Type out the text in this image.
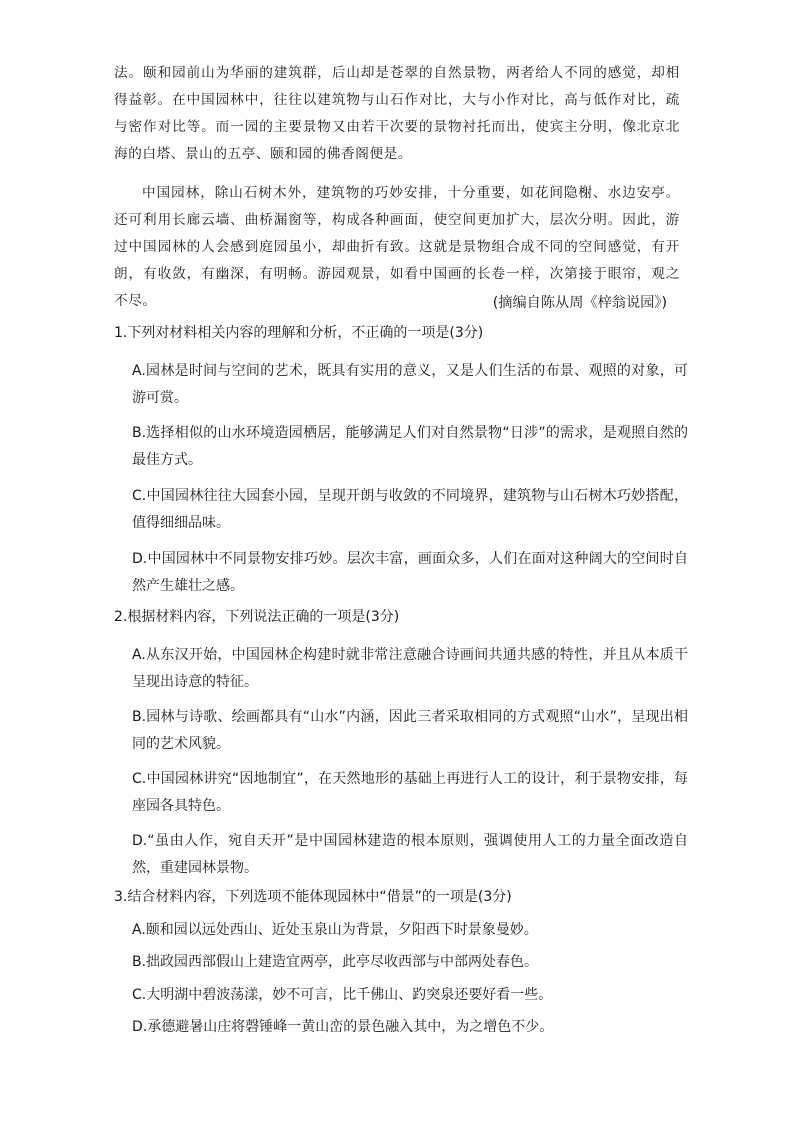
法。颐和园前山为华丽的建筑群，后山却是苍翠的自然景物，两者给人不同的感觉，却相得益彰。在中国园林中，往往以建筑物与山石作对比，大与小作对比，高与低作对比，疏与密作对比等。而一园的主要景物又由若干次要的景物衬托而出，使宾主分明，像北京北海的白塔、景山的五亭、颐和园的佛香阁便是。

中国园林，除山石树木外，建筑物的巧妙安排，十分重要，如花间隐榭、水边安亭。还可利用长廊云墙、曲桥漏窗等，构成各种画面，使空间更加扩大，层次分明。因此，游过中国园林的人会感到庭园虽小，却曲折有致。这就是景物组合成不同的空间感觉，有开朗，有收敛，有幽深，有明畅。游园观景，如看中国画的长卷一样，次第接于眼帘，观之不尽。	(摘编自陈从周《梓翁说园》)
1.下列对材料相关内容的理解和分析，不正确的一项是(3分)
A.园林是时间与空间的艺术，既具有实用的意义，又是人们生活的布景、观照的对象，可游可赏。
B.选择相似的山水环境造园栖居，能够满足人们对自然景物“日涉”的需求，是观照自然的最佳方式。
C.中国园林往往大园套小园，呈现开朗与收敛的不同境界，建筑物与山石树木巧妙搭配，值得细细品味。
D.中国园林中不同景物安排巧妙。层次丰富，画面众多，人们在面对这种阔大的空间时自然产生雄壮之感。
2.根据材料内容，下列说法正确的一项是(3分)
A.从东汉开始，中国园林企构建时就非常注意融合诗画间共通共感的特性，并且从本质干呈现出诗意的特征。
B.园林与诗歌、绘画都具有“山水”内涵，因此三者采取相同的方式观照“山水”，呈现出相同的艺术风貌。
C.中国园林讲究“因地制宜”，在天然地形的基础上再进行人工的设计，利于景物安排，每座园各具特色。
D.“虽由人作，宛自天开”是中国园林建造的根本原则，强调使用人工的力量全面改造自然，重建园林景物。
3.结合材料内容，下列选项不能体现园林中“借景”的一项是(3分)
A.颐和园以远处西山、近处玉泉山为背景，夕阳西下时景象曼妙。
B.拙政园西部假山上建造宜两亭，此亭尽收西部与中部两处春色。
C.大明湖中碧波荡漾，妙不可言，比千佛山、趵突泉还要好看一些。
D.承德避暑山庄将磬锤峰一黄山峦的景色融入其中，为之增色不少。
